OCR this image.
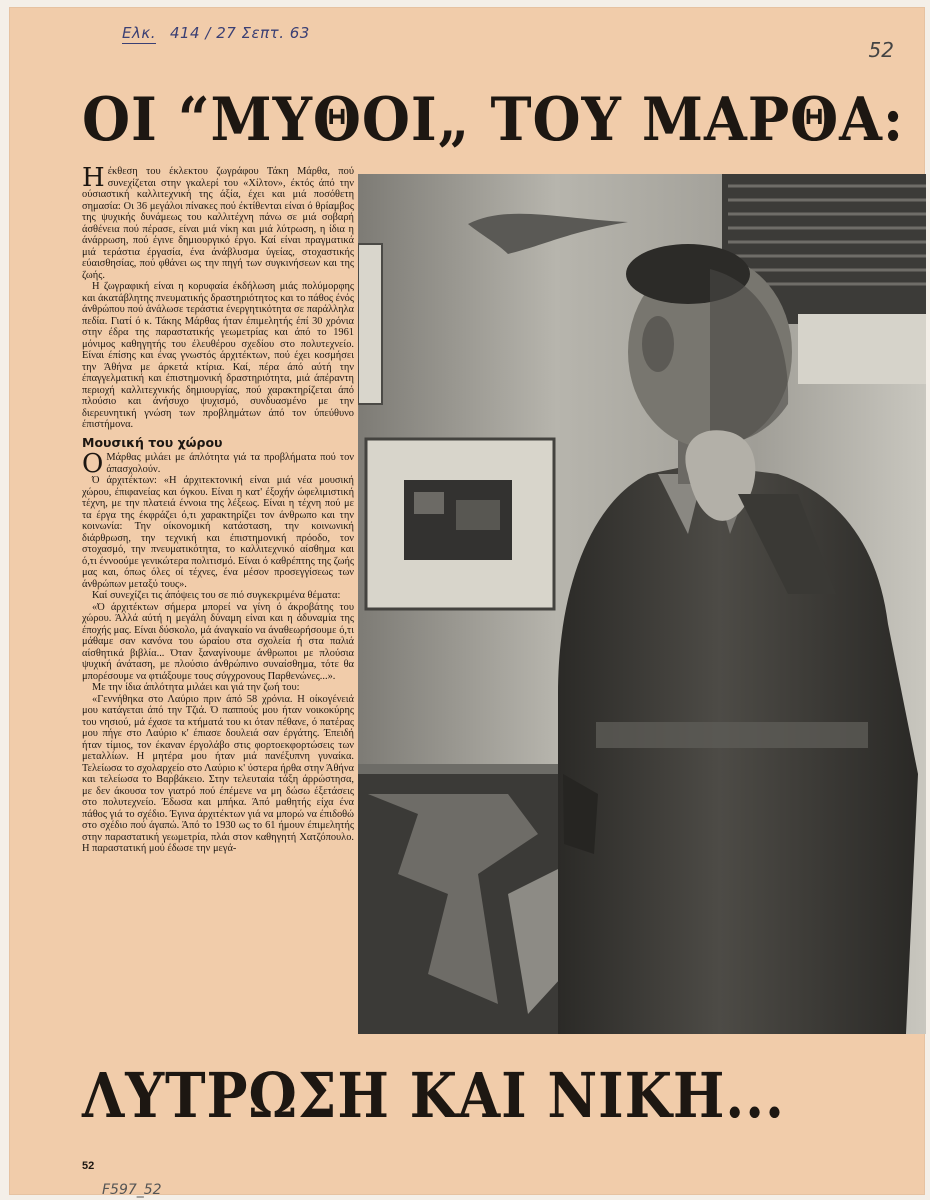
Ελκ. 414 / 27 Σεπτ. 63
52
ΟΙ “ΜΥΘΟΙ„ ΤΟΥ ΜΑΡΘΑ:

Ηέκθεση του έκλεκτου ζωγράφου Τάκη Μάρθα, πού συνεχίζεται στην γκαλερί του «Χίλτον», έκτός άπό την ούσιαστική καλλιτεχνική της άξία, έχει και μιά ποσόθετη σημασία: Οι 36 μεγάλοι πίνακες πού έκτίθενται είναι ό θρίαμβος της ψυχικής δυνάμεως του καλλιτέχνη πάνω σε μιά σοβαρή άσθένεια πού πέρασε, είναι μιά νίκη και μιά λύτρωση, η ίδια η άνάρρωση, πού έγινε δημιουργικό έργο. Καί είναι πραγματικά μιά τεράστια έργασία, ένα άνάβλυσμα ύγείας, στοχαστικής εύαισθησίας, πού φθάνει ως την πηγή των συγκινήσεων και της ζωής.

Η ζωγραφική είναι η κορυφαία έκδήλωση μιάς πολύμορφης και άκατάβλητης πνευματικής δραστηριότητος και το πάθος ένός άνθρώπου πού άνάλωσε τεράστια ένεργητικότητα σε παράλληλα πεδία. Γιατί ό κ. Τάκης Μάρθας ήταν έπιμελητής έπί 30 χρόνια στην έδρα της παραστατικής γεωμετρίας και άπό το 1961 μόνιμος καθηγητής του έλευθέρου σχεδίου στο πολυτεχνείο. Είναι έπίσης και ένας γνωστός άρχιτέκτων, πού έχει κοσμήσει την Άθήνα με άρκετά κτίρια. Καί, πέρα άπό αύτή την έπαγγελματική και έπιστημονική δραστηριότητα, μιά άπέραντη περιοχή καλλιτεχνικής δημιουργίας, πού χαρακτηρίζεται άπό πλούσιο και άνήσυχο ψυχισμό, συνδυασμένο με την διερευνητική γνώση των προβλημάτων άπό τον ύπεύθυνο έπιστήμονα.

Μουσική του χώρου

Ο Μάρθας μιλάει με άπλότητα γιά τα προβλήματα πού τον άπασχολούν.

Ό άρχιτέκτων: «Η άρχιτεκτονική είναι μιά νέα μουσική χώρου, έπιφανείας και όγκου. Είναι η κατ' έξοχήν ώφελιμιστική τέχνη, με την πλατειά έννοια της λέξεως. Είναι η τέχνη πού με τα έργα της έκφράζει ό,τι χαρακτηρίζει τον άνθρωπο και την κοινωνία: Την οίκονομική κατάσταση, την κοινωνική διάρθρωση, την τεχνική και έπιστημονική πρόοδο, τον στοχασμό, την πνευματικότητα, το καλλιτεχνικό αίσθημα και ό,τι έννοούμε γενικώτερα πολιτισμό. Είναι ό καθρέπτης της ζωής μας και, όπως όλες οί τέχνες, ένα μέσον προσεγγίσεως των άνθρώπων μεταξύ τους».

Καί συνεχίζει τις άπόψεις του σε πιό συγκεκριμένα θέματα:

«Ό άρχιτέκτων σήμερα μπορεί να γίνη ό άκροβάτης του χώρου. Άλλά αύτή η μεγάλη δύναμη είναι και η άδυναμία της έποχής μας. Είναι δύσκολο, μά άναγκαίο να άναθεωρήσουμε ό,τι μάθαμε σαν κανόνα του ώραίου στα σχολεία ή στα παλιά αίσθητικά βιβλία... Όταν ξαναγίνουμε άνθρωποι με πλούσια ψυχική άνάταση, με πλούσιο άνθρώπινο συναίσθημα, τότε θα μπορέσουμε να φτιάξουμε τους σύγχρονους Παρθενώνες...».

Με την ίδια άπλότητα μιλάει και γιά την ζωή του:

«Γεννήθηκα στο Λαύριο πριν άπό 58 χρόνια. Η οίκογένειά μου κατάγεται άπό την Τζιά. Ό παππούς μου ήταν νοικοκύρης του νησιού, μά έχασε τα κτήματά του κι όταν πέθανε, ό πατέρας μου πήγε στο Λαύριο κ' έπιασε δουλειά σαν έργάτης. Έπειδή ήταν τίμιος, τον έκαναν έργολάβο στις φορτοεκφορτώσεις των μεταλλίων. Η μητέρα μου ήταν μιά πανέξυπνη γυναίκα. Τελείωσα το σχολαρχείο στο Λαύριο κ' ύστερα ήρθα στην Άθήνα και τελείωσα το Βαρβάκειο. Στην τελευταία τάξη άρρώστησα, με δεν άκουσα τον γιατρό πού έπέμενε να μη δώσω έξετάσεις στο πολυτεχνείο. Έδωσα και μπήκα. Άπό μαθητής είχα ένα πάθος γιά το σχέδιο. Έγινα άρχιτέκτων γιά να μπορώ να έπιδοθώ στο σχέδιο πού άγαπώ. Άπό το 1930 ως το 61 ήμουν έπιμελητής στην παραστατική γεωμετρία, πλάι στον καθηγητή Χατζόπουλο. Η παραστατική μού έδωσε την μεγά-

ΛΥΤΡΩΣΗ ΚΑΙ ΝΙΚΗ...
52
F597_52
